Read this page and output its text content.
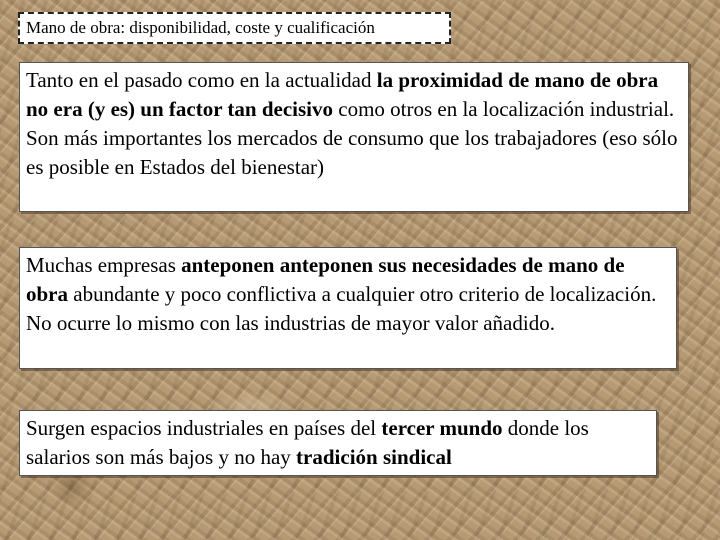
Mano de obra: disponibilidad, coste y cualificación
Tanto en el pasado como en la actualidad la proximidad de mano de obra no era (y es) un factor tan decisivo como otros en la localización industrial. Son más importantes los mercados de consumo que los trabajadores (eso sólo es posible en Estados del bienestar)
Muchas empresas anteponen anteponen sus necesidades de mano de obra abundante y poco conflictiva a cualquier otro criterio de localización. No ocurre lo mismo con las industrias de mayor valor añadido.
Surgen espacios industriales en países del tercer mundo donde los salarios son más bajos y no hay tradición sindical
